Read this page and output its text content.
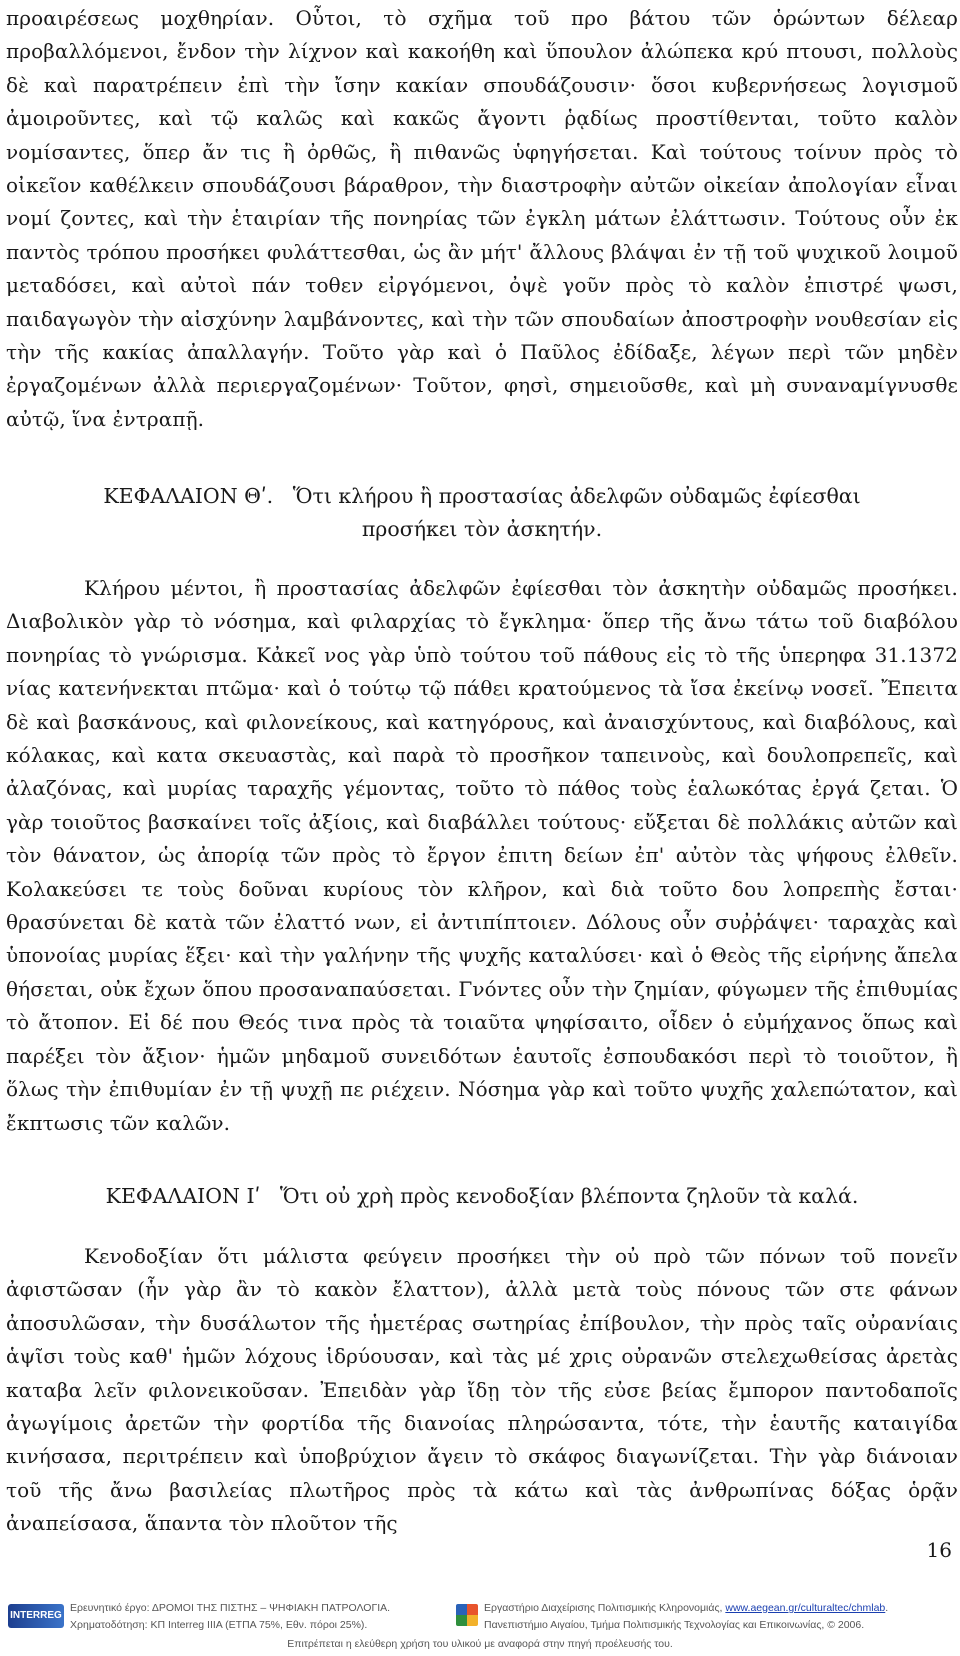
προαιρέσεως μοχθηρίαν. Οὗτοι, τὸ σχῆμα τοῦ προ βάτου τῶν ὁρώντων δέλεαρ προβαλλόμενοι, ἔνδον τὴν λίχνον καὶ κακοήθη καὶ ὕπουλον ἀλώπεκα κρύ πτουσι, πολλοὺς δὲ καὶ παρατρέπειν ἐπὶ τὴν ἴσην κακίαν σπουδάζουσιν· ὅσοι κυβερνήσεως λογισμοῦ ἀμοιροῦντες, καὶ τῷ καλῶς καὶ κακῶς ἄγοντι ῥᾳδίως προστίθενται, τοῦτο καλὸν νομίσαντες, ὅπερ ἄν τις ἢ ὀρθῶς, ἢ πιθανῶς ὑφηγήσεται. Καὶ τούτους τοίνυν πρὸς τὸ οἰκεῖον καθέλκειν σπουδάζουσι βάραθρον, τὴν διαστροφὴν αὐτῶν οἰκείαν ἀπολογίαν εἶναι νομί ζοντες, καὶ τὴν ἑταιρίαν τῆς πονηρίας τῶν ἐγκλη μάτων ἐλάττωσιν. Τούτους οὖν ἐκ παντὸς τρόπου προσήκει φυλάττεσθαι, ὡς ἂν μήτ' ἄλλους βλάψαι ἐν τῇ τοῦ ψυχικοῦ λοιμοῦ μεταδόσει, καὶ αὐτοὶ πάν τοθεν εἰργόμενοι, ὀψὲ γοῦν πρὸς τὸ καλὸν ἐπιστρέ ψωσι, παιδαγωγὸν τὴν αἰσχύνην λαμβάνοντες, καὶ τὴν τῶν σπουδαίων ἀποστροφὴν νουθεσίαν εἰς τὴν τῆς κακίας ἀπαλλαγήν. Τοῦτο γὰρ καὶ ὁ Παῦλος ἐδίδαξε, λέγων περὶ τῶν μηδὲν ἐργαζομένων ἀλλὰ περιεργαζομένων· Τοῦτον, φησὶ, σημειοῦσθε, καὶ μὴ συναναμίγνυσθε αὐτῷ, ἵνα ἐντραπῇ.

ΚΕΦΑΛΑΙΟΝ Θʹ.   Ὅτι κλήρου ἢ προστασίας ἀδελφῶν οὐδαμῶς ἐφίεσθαι

προσήκει τὸν ἀσκητήν.

Κλήρου μέντοι, ἢ προστασίας ἀδελφῶν ἐφίεσθαι τὸν ἀσκητὴν οὐδαμῶς προσήκει. Διαβολικὸν γὰρ τὸ νόσημα, καὶ φιλαρχίας τὸ ἔγκλημα· ὅπερ τῆς ἄνω τάτω τοῦ διαβόλου πονηρίας τὸ γνώρισμα. Κἀκεῖ νος γὰρ ὑπὸ τούτου τοῦ πάθους εἰς τὸ τῆς ὑπερηφα 31.1372 νίας κατενήνεκται πτῶμα· καὶ ὁ τούτῳ τῷ πάθει κρατούμενος τὰ ἴσα ἐκείνῳ νοσεῖ. Ἔπειτα δὲ καὶ βασκάνους, καὶ φιλονείκους, καὶ κατηγόρους, καὶ ἀναισχύντους, καὶ διαβόλους, καὶ κόλακας, καὶ κατα σκευαστὰς, καὶ παρὰ τὸ προσῆκον ταπεινοὺς, καὶ δουλοπρεπεῖς, καὶ ἀλαζόνας, καὶ μυρίας ταραχῆς γέμοντας, τοῦτο τὸ πάθος τοὺς ἑαλωκότας ἐργά ζεται. Ὁ γὰρ τοιοῦτος βασκαίνει τοῖς ἀξίοις, καὶ διαβάλλει τούτους· εὔξεται δὲ πολλάκις αὐτῶν καὶ τὸν θάνατον, ὡς ἀπορίᾳ τῶν πρὸς τὸ ἔργον ἐπιτη δείων ἐπ' αὐτὸν τὰς ψήφους ἐλθεῖν. Κολακεύσει τε τοὺς δοῦναι κυρίους τὸν κλῆρον, καὶ διὰ τοῦτο δου λοπρεπὴς ἔσται· θρασύνεται δὲ κατὰ τῶν ἐλαττό νων, εἰ ἀντιπίπτοιεν. Δόλους οὖν συῤῥάψει· ταραχὰς καὶ ὑπονοίας μυρίας ἕξει· καὶ τὴν γαλήνην τῆς ψυχῆς καταλύσει· καὶ ὁ Θεὸς τῆς εἰρήνης ἄπελα θήσεται, οὐκ ἔχων ὅπου προσαναπαύσεται. Γνόντες οὖν τὴν ζημίαν, φύγωμεν τῆς ἐπιθυμίας τὸ ἄτοπον. Εἰ δέ που Θεός τινα πρὸς τὰ τοιαῦτα ψηφίσαιτο, οἶδεν ὁ εὐμήχανος ὅπως καὶ παρέξει τὸν ἄξιον· ἡμῶν μηδαμοῦ συνειδότων ἑαυτοῖς ἐσπουδακόσι περὶ τὸ τοιοῦτον, ἢ ὅλως τὴν ἐπιθυμίαν ἐν τῇ ψυχῇ πε ριέχειν. Νόσημα γὰρ καὶ τοῦτο ψυχῆς χαλεπώτατον, καὶ ἔκπτωσις τῶν καλῶν.

ΚΕΦΑΛΑΙΟΝ Ιʹ   Ὅτι οὐ χρὴ πρὸς κενοδοξίαν βλέποντα ζηλοῦν τὰ καλά.

Κενοδοξίαν ὅτι μάλιστα φεύγειν προσήκει τὴν οὐ πρὸ τῶν πόνων τοῦ πονεῖν ἀφιστῶσαν (ἧν γὰρ ἂν τὸ κακὸν ἔλαττον), ἀλλὰ μετὰ τοὺς πόνους τῶν στε φάνων ἀποσυλῶσαν, τὴν δυσάλωτον τῆς ἡμετέρας σωτηρίας ἐπίβουλον, τὴν πρὸς ταῖς οὐρανίαις ἁψῖσι τοὺς καθ' ἡμῶν λόχους ἱδρύουσαν, καὶ τὰς μέ χρις οὐρανῶν στελεχωθείσας ἀρετὰς καταβα λεῖν φιλονεικοῦσαν. Ἐπειδὰν γὰρ ἴδῃ τὸν τῆς εὐσε βείας ἔμπορον παντοδαποῖς ἀγωγίμοις ἀρετῶν τὴν φορτίδα τῆς διανοίας πληρώσαντα, τότε, τὴν ἑαυτῆς καταιγίδα κινήσασα, περιτρέπειν καὶ ὑποβρύχιον ἄγειν τὸ σκάφος διαγωνίζεται. Τὴν γὰρ διάνοιαν τοῦ τῆς ἄνω βασιλείας πλωτῆρος πρὸς τὰ κάτω καὶ τὰς ἀνθρωπίνας δόξας ὁρᾷν ἀναπείσασα, ἅπαντα τὸν πλοῦτον τῆς

16
INTERREG III
Ερευνητικό έργο: ΔΡΟΜΟΙ ΤΗΣ ΠΙΣΤΗΣ – ΨΗΦΙΑΚΗ ΠΑΤΡΟΛΟΓΙΑ.
Χρηματοδότηση: ΚΠ Interreg IIIA (ΕΤΠΑ 75%, Εθν. πόροι 25%).
Εργαστήριο Διαχείρισης Πολιτισμικής Κληρονομιάς, www.aegean.gr/culturaltec/chmlab.
Πανεπιστήμιο Αιγαίου, Τμήμα Πολιτισμικής Τεχνολογίας και Επικοινωνίας, © 2006.
Επιτρέπεται η ελεύθερη χρήση του υλικού με αναφορά στην πηγή προέλευσής του.
